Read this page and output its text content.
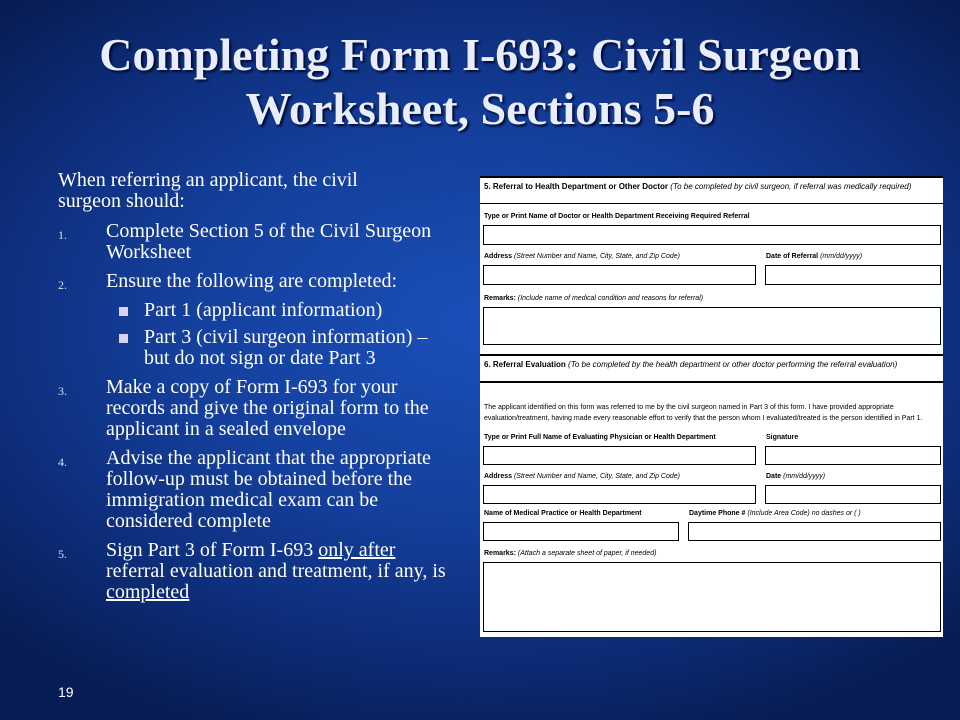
Completing Form I-693: Civil Surgeon Worksheet, Sections 5-6
When referring an applicant, the civil
surgeon should:
1. Complete Section 5 of the Civil Surgeon Worksheet
2. Ensure the following are completed:
Part 1 (applicant information)
Part 3 (civil surgeon information) – but do not sign or date Part 3
3. Make a copy of Form I-693 for your records and give the original form to the applicant in a sealed envelope
4. Advise the applicant that the appropriate follow-up must be obtained before the immigration medical exam can be considered complete
5. Sign Part 3 of Form I-693 only after referral evaluation and treatment, if any, is completed
19
5. Referral to Health Department or Other Doctor (To be completed by civil surgeon, if referral was medically required)
Type or Print Name of Doctor or Health Department Receiving Required Referral
Address (Street Number and Name, City, State, and Zip Code)	Date of Referral (mm/dd/yyyy)
Remarks: (Include name of medical condition and reasons for referral)
6. Referral Evaluation (To be completed by the health department or other doctor performing the referral evaluation)
The applicant identified on this form was referred to me by the civil surgeon named in Part 3 of this form. I have provided appropriate evaluation/treatment, having made every reasonable effort to verify that the person whom I evaluated/treated is the person identified in Part 1.
Type or Print Full Name of Evaluating Physician or Health Department	Signature
Address (Street Number and Name, City, State, and Zip Code)	Date (mm/dd/yyyy)
Name of Medical Practice or Health Department	Daytime Phone # (Include Area Code) no dashes or ( )
Remarks: (Attach a separate sheet of paper, if needed)
